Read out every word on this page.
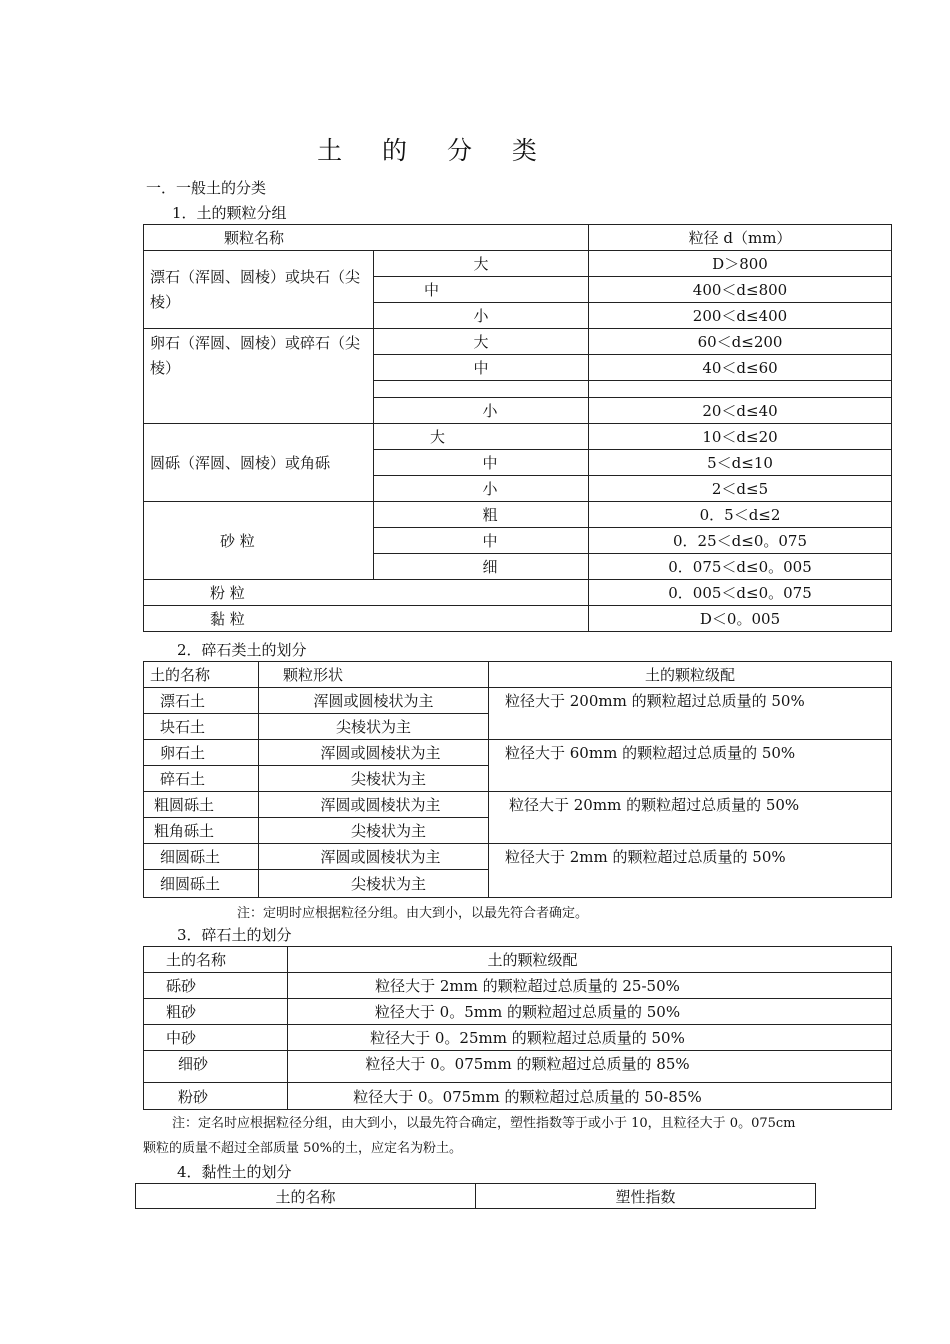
土 的 分 类
一．一般土的分类
1．土的颗粒分组
颗粒名称		粒径 d（mm）
漂石（浑圆、圆棱）或块石（尖棱）	大	D＞800
	中	400＜d≤800
	小	200＜d≤400
卵石（浑圆、圆棱）或碎石（尖棱）	大	60＜d≤200
	中	40＜d≤60

	小	20＜d≤40
圆砾（浑圆、圆棱）或角砾	大	10＜d≤20
	中	5＜d≤10
	小	2＜d≤5
砂 粒	粗	0．5＜d≤2
	中	0．25＜d≤0。075
	细	0．075＜d≤0。005
粉 粒		0．005＜d≤0。075
黏 粒		D＜0。005
2．碎石类土的划分
土的名称	颗粒形状	土的颗粒级配
漂石土	浑圆或圆棱状为主	粒径大于 200mm 的颗粒超过总质量的 50%
块石土	尖棱状为主	
卵石土	浑圆或圆棱状为主	粒径大于 60mm 的颗粒超过总质量的 50%
碎石土	尖棱状为主	
粗圆砾土	浑圆或圆棱状为主	粒径大于 20mm 的颗粒超过总质量的 50%
粗角砾土	尖棱状为主	
细圆砾土	浑圆或圆棱状为主	粒径大于 2mm 的颗粒超过总质量的 50%
细圆砾土	尖棱状为主	
注：定明时应根据粒径分组。由大到小，以最先符合者确定。
3．碎石土的划分
土的名称	土的颗粒级配
砾砂	粒径大于 2mm 的颗粒超过总质量的 25-50%
粗砂	粒径大于 0。5mm 的颗粒超过总质量的 50%
中砂	粒径大于 0。25mm 的颗粒超过总质量的 50%
细砂	粒径大于 0。075mm 的颗粒超过总质量的 85%
粉砂	粒径大于 0。075mm 的颗粒超过总质量的 50-85%
注：定名时应根据粒径分组，由大到小，以最先符合确定，塑性指数等于或小于 10，且粒径大于 0。075cm
颗粒的质量不超过全部质量 50%的土，应定名为粉土。
4．黏性土的划分
土的名称	塑性指数
